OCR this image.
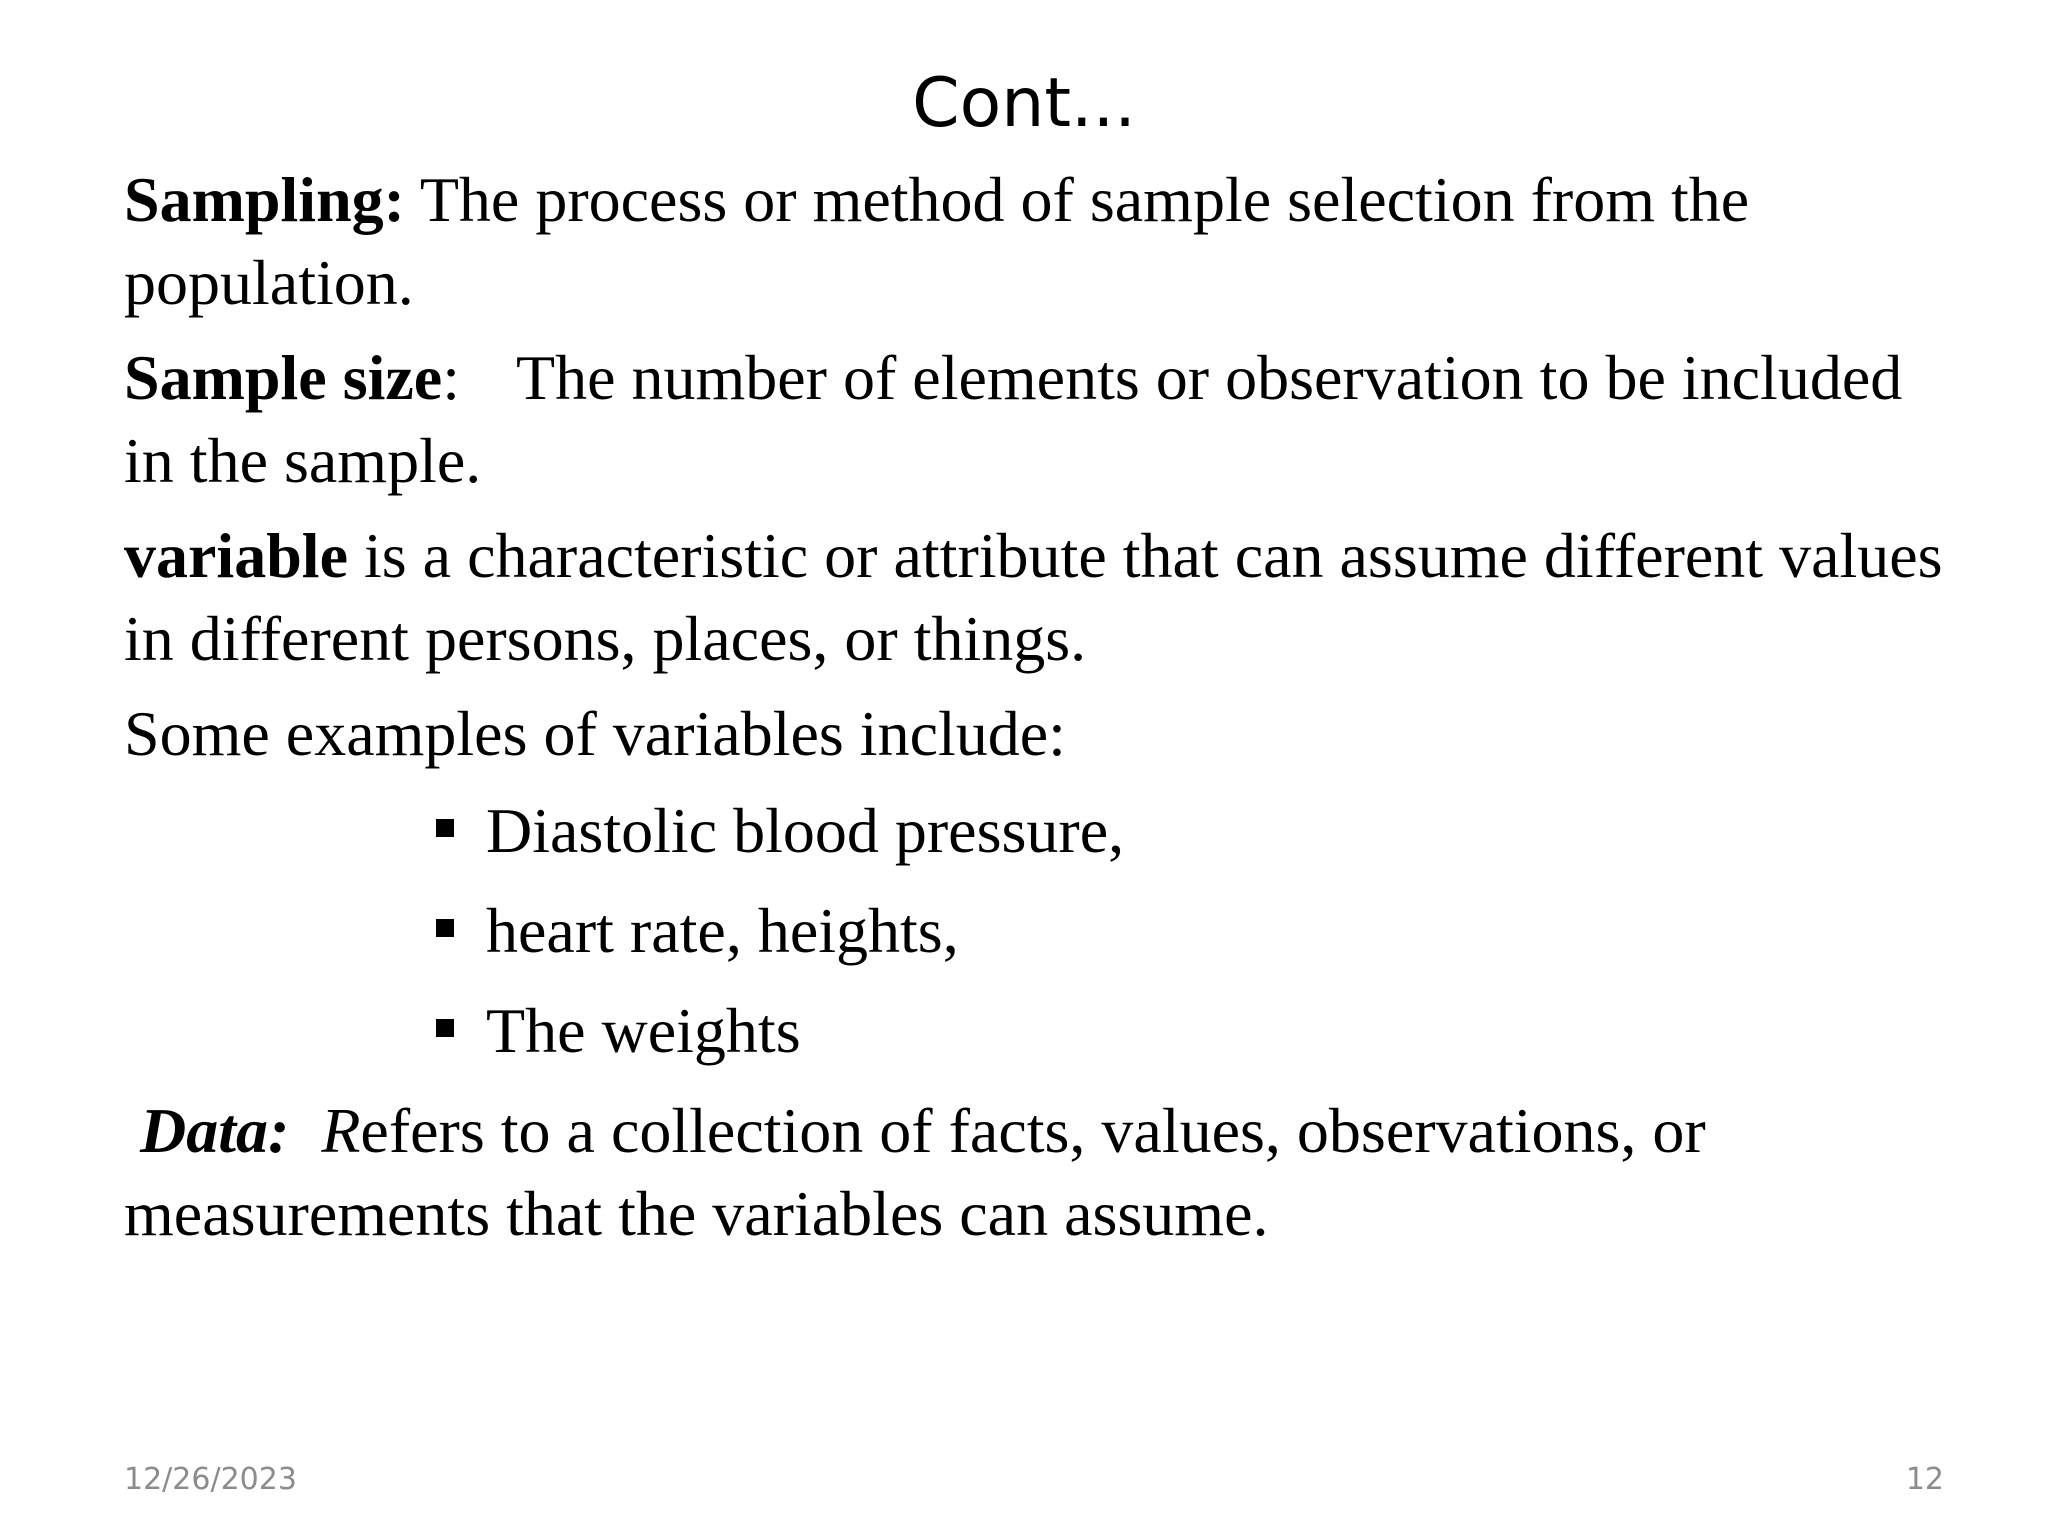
Cont...

Sampling: The process or method of sample selection from the population.

Sample size: The number of elements or observation to be included in the sample.

variable is a characteristic or attribute that can assume different values in different persons, places, or things.

Some examples of variables include:

Diastolic blood pressure,
heart rate, heights,
The weights

Data: Refers to a collection of facts, values, observations, or measurements that the variables can assume.

12/26/2023	12
